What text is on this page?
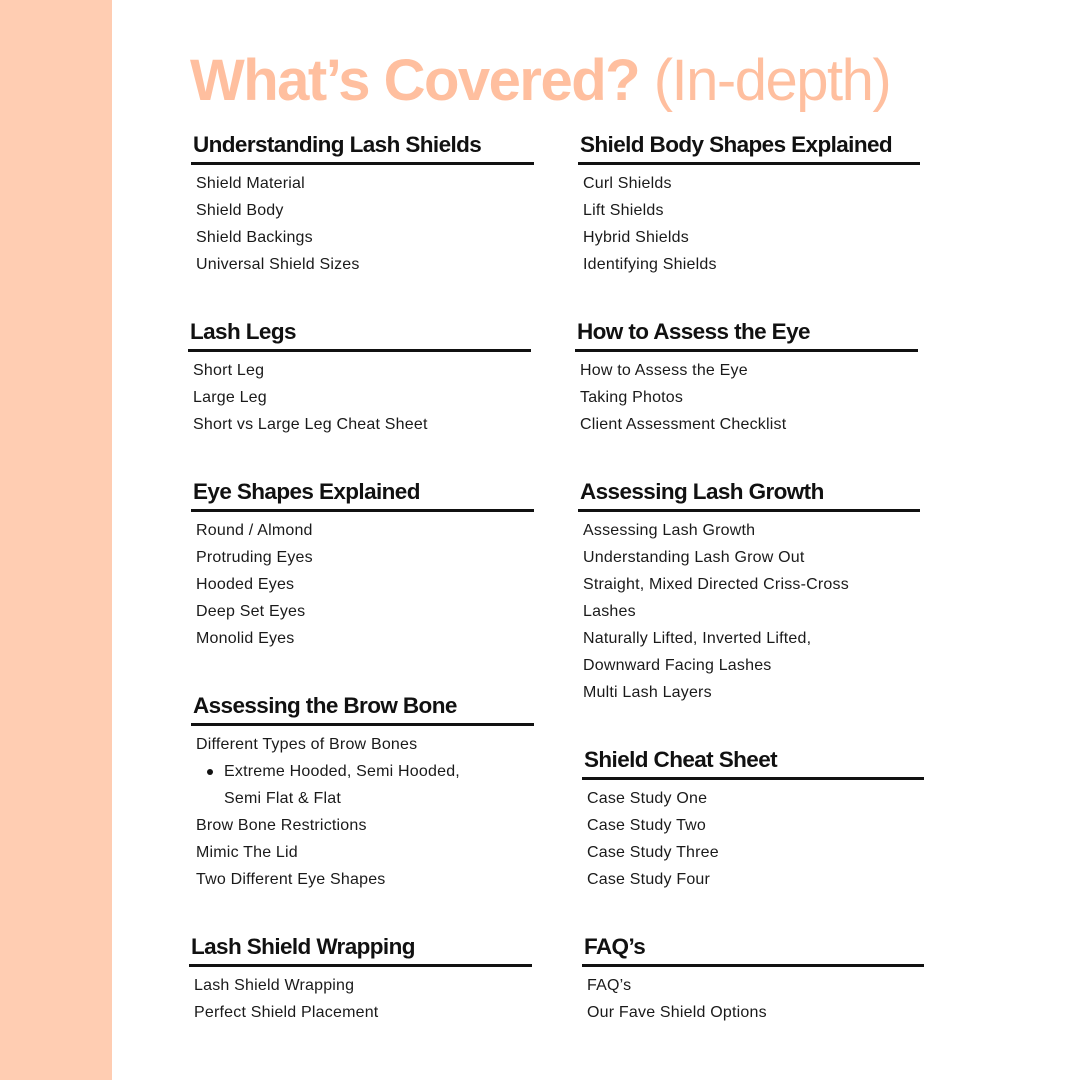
What’s Covered? (In-depth)
Understanding Lash Shields
Shield Material
Shield Body
Shield Backings
Universal Shield Sizes
Shield Body Shapes Explained
Curl Shields
Lift Shields
Hybrid Shields
Identifying Shields
Lash Legs
Short Leg
Large Leg
Short vs Large Leg Cheat Sheet
How to Assess the Eye
How to Assess the Eye
Taking Photos
Client Assessment Checklist
Eye Shapes Explained
Round / Almond
Protruding Eyes
Hooded Eyes
Deep Set Eyes
Monolid Eyes
Assessing Lash Growth
Assessing Lash Growth
Understanding Lash Grow Out
Straight, Mixed Directed Criss-Cross
Lashes
Naturally Lifted, Inverted Lifted,
Downward Facing Lashes
Multi Lash Layers
Assessing the Brow Bone
Different Types of Brow Bones
Extreme Hooded, Semi Hooded,
Semi Flat & Flat
Brow Bone Restrictions
Mimic The Lid
Two Different Eye Shapes
Shield Cheat Sheet
Case Study One
Case Study Two
Case Study Three
Case Study Four
Lash Shield Wrapping
Lash Shield Wrapping
Perfect Shield Placement
FAQ’s
FAQ’s
Our Fave Shield Options
